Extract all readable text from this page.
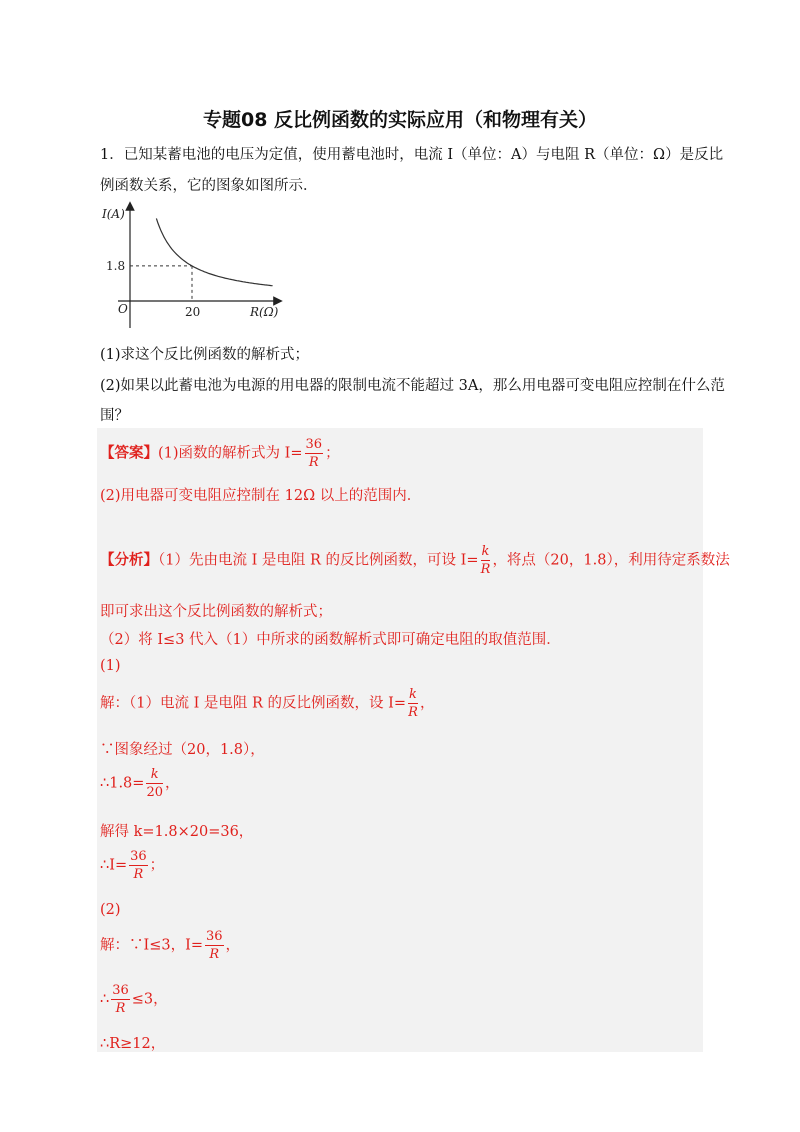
专题08 反比例函数的实际应用（和物理有关）
1．已知某蓄电池的电压为定值，使用蓄电池时，电流 I（单位：A）与电阻 R（单位：Ω）是反比
例函数关系，它的图象如图所示．
I(A)
R(Ω)
O
1.8
20
(1)求这个反比例函数的解析式；
(2)如果以此蓄电池为电源的用电器的限制电流不能超过 3A，那么用电器可变电阻应控制在什么范
围？
【答案】(1)函数的解析式为 $I= \frac{36}{R}$ ；
(2)用电器可变电阻应控制在 12Ω 以上的范围内．
【分析】（1）先由电流 I 是电阻 R 的反比例函数，可设 $I= \frac{k}{R}$ ，将点（20，1.8），利用待定系数法
即可求出这个反比例函数的解析式；
（2）将 I≤3 代入（1）中所求的函数解析式即可确定电阻的取值范围．
(1)
解：（1）电流 I 是电阻 R 的反比例函数，设 $I= \frac{k}{R}$ ，
∵图象经过（20，1.8），
∴1.8= $\frac{k}{20}$ ，
解得 k=1.8×20=36，
∴I= $\frac{36}{R}$ ；
(2)
解：∵I≤3，$I= \frac{36}{R}$ ，
∴ $\frac{36}{R} \le 3$，
∴R≥12，
